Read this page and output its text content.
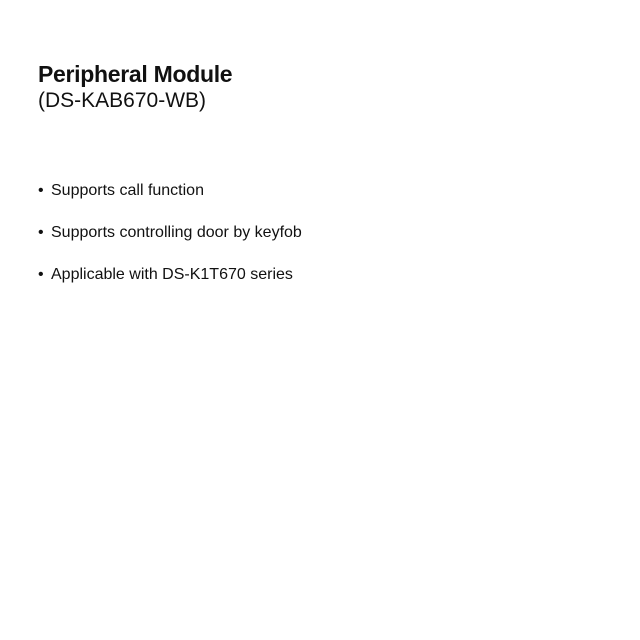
Peripheral Module
(DS-KAB670-WB)
• Supports call function
• Supports controlling door by keyfob
• Applicable with DS-K1T670 series
